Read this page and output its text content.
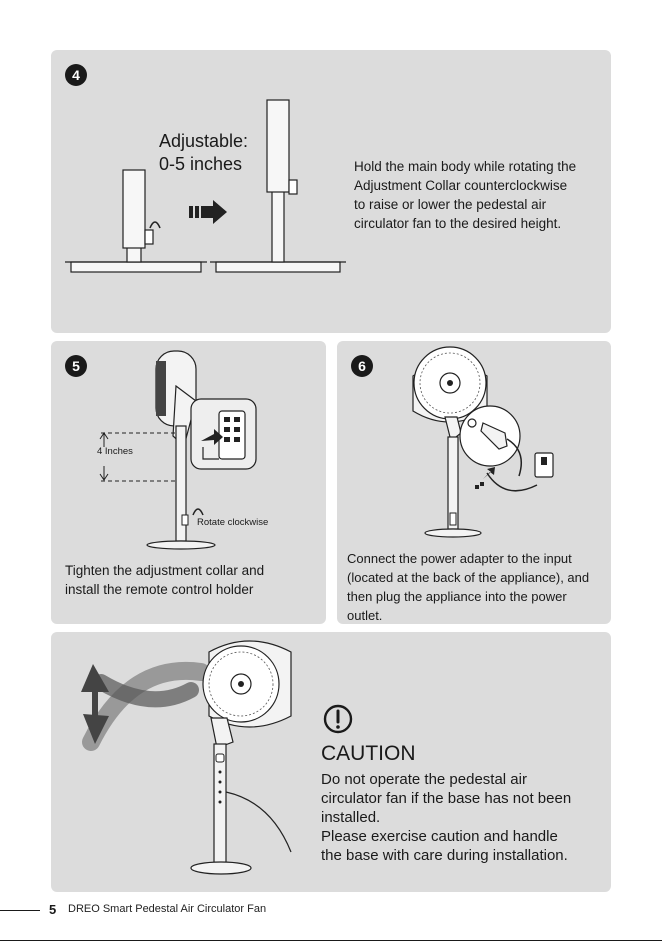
4
Adjustable:
0-5 inches	Hold the main body while rotating the
Adjustment Collar counterclockwise
to raise or lower the pedestal air
circulator fan to the desired height.
5
4 Inches
Rotate clockwise
Tighten the adjustment collar and
install the remote control holder
6
Connect the power adapter to the input
(located at the back of the appliance), and
then plug the appliance into the power
outlet.
CAUTION
Do not operate the pedestal air
circulator fan if the base has not been
installed.
Please exercise caution and handle
the base with care during installation.
5 DREO Smart Pedestal Air Circulator Fan
